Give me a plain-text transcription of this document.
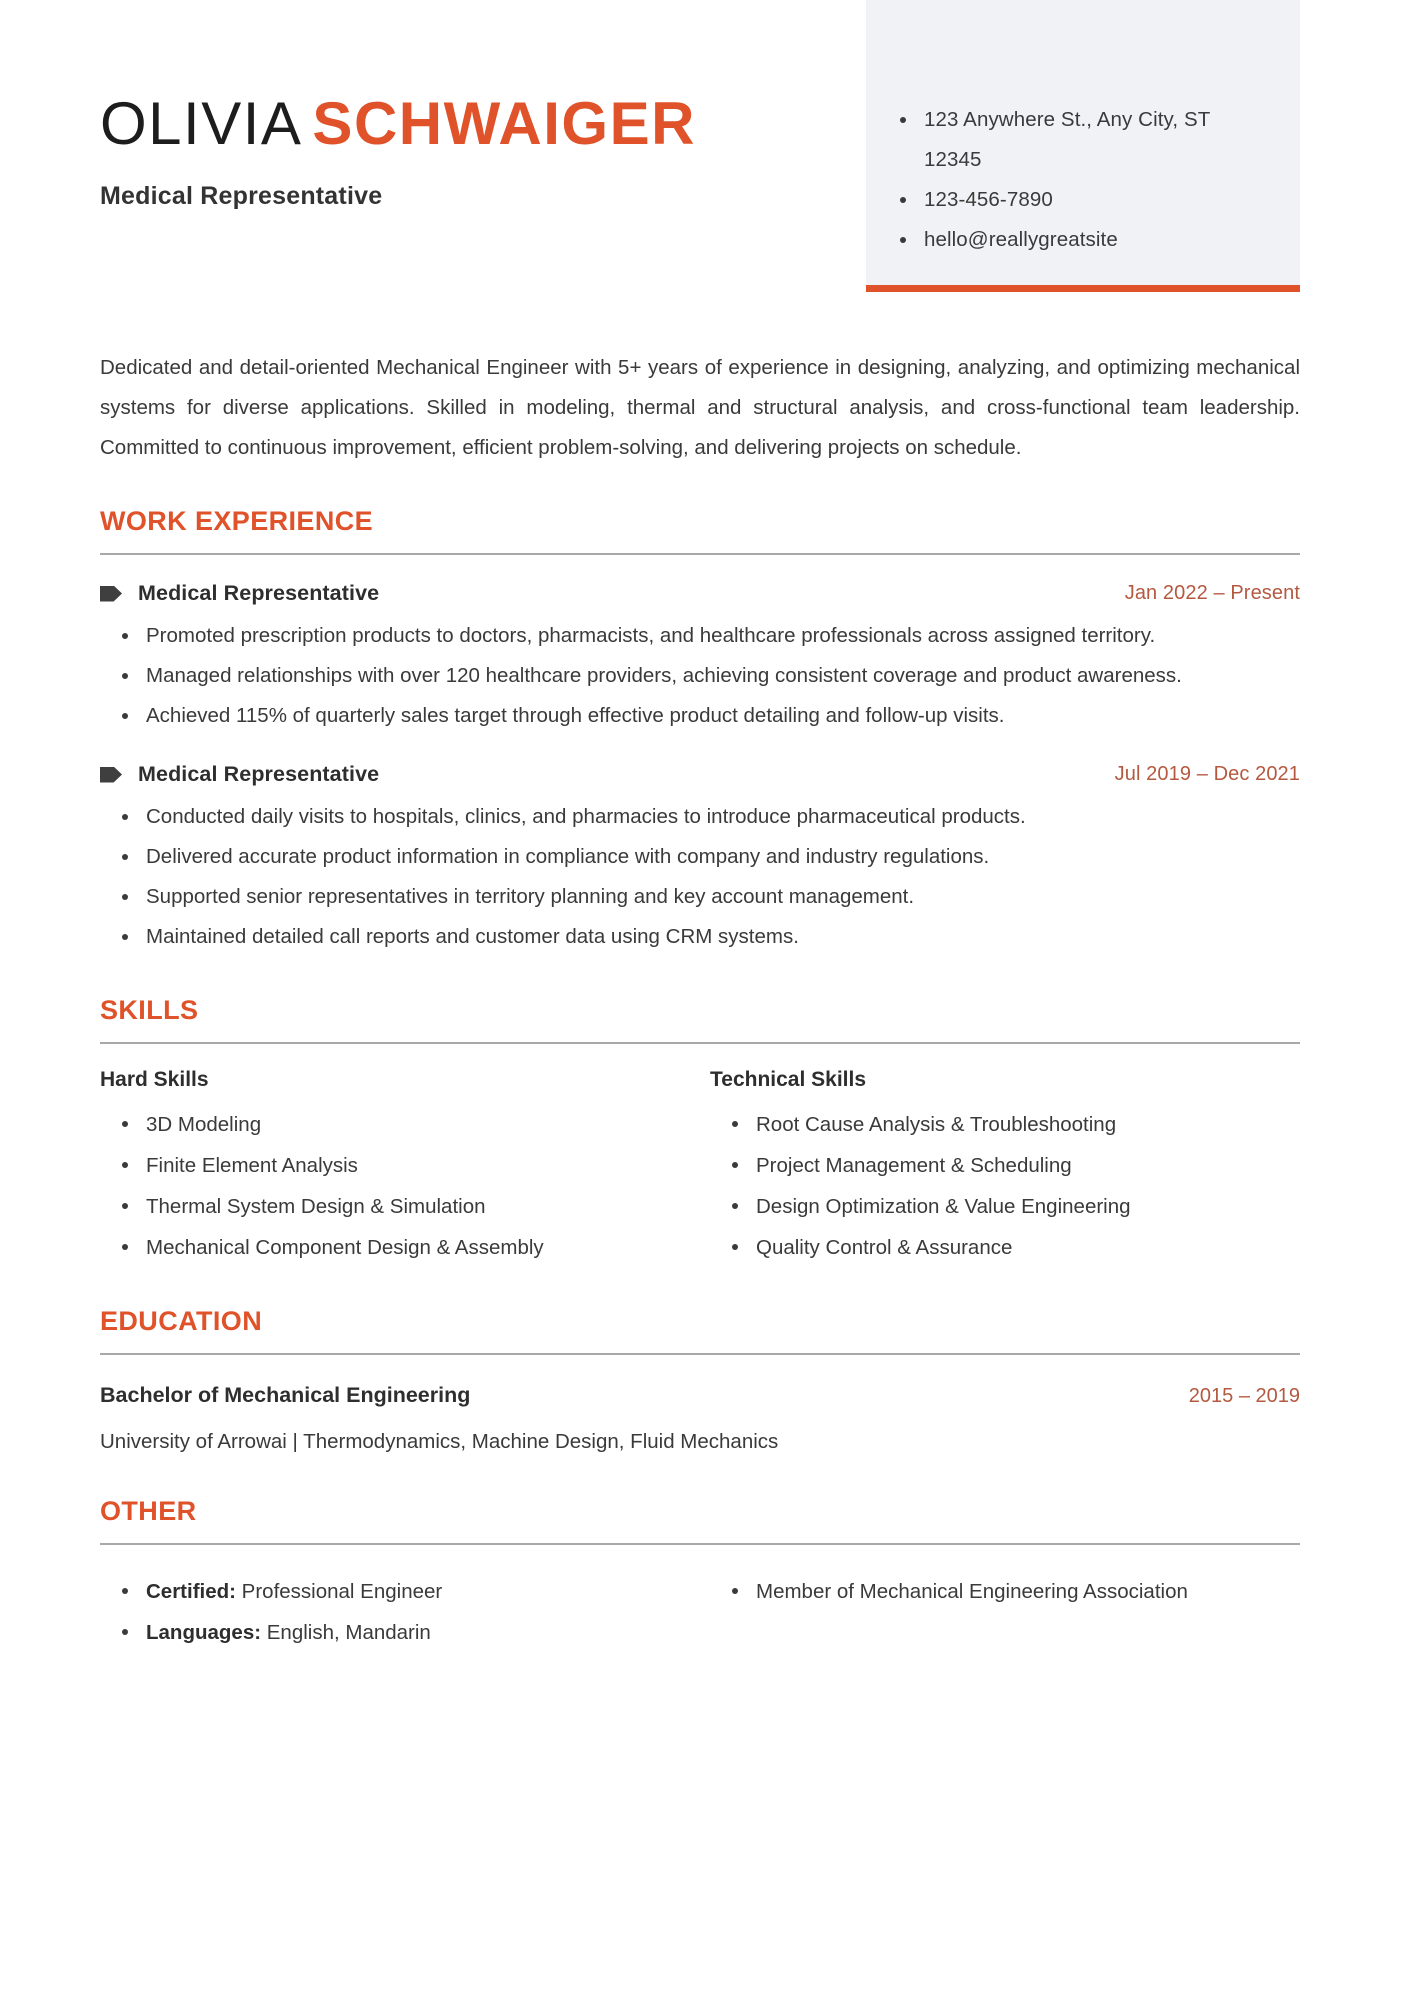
123 Anywhere St., Any City, ST 12345
123-456-7890
hello@reallygreatsite
OLIVIA SCHWAIGER
Medical Representative

Dedicated and detail-oriented Mechanical Engineer with 5+ years of experience in designing, analyzing, and optimizing mechanical systems for diverse applications. Skilled in modeling, thermal and structural analysis, and cross-functional team leadership. Committed to continuous improvement, efficient problem-solving, and delivering projects on schedule.

WORK EXPERIENCE
Medical Representative	Jan 2022 – Present
Promoted prescription products to doctors, pharmacists, and healthcare professionals across assigned territory.
Managed relationships with over 120 healthcare providers, achieving consistent coverage and product awareness.
Achieved 115% of quarterly sales target through effective product detailing and follow-up visits.
Medical Representative	Jul 2019 – Dec 2021
Conducted daily visits to hospitals, clinics, and pharmacies to introduce pharmaceutical products.
Delivered accurate product information in compliance with company and industry regulations.
Supported senior representatives in territory planning and key account management.
Maintained detailed call reports and customer data using CRM systems.
SKILLS
Hard Skills
3D Modeling
Finite Element Analysis
Thermal System Design & Simulation
Mechanical Component Design & Assembly
Technical Skills
Root Cause Analysis & Troubleshooting
Project Management & Scheduling
Design Optimization & Value Engineering
Quality Control & Assurance
EDUCATION
Bachelor of Mechanical Engineering	2015 – 2019
University of Arrowai | Thermodynamics, Machine Design, Fluid Mechanics
OTHER
Certified: Professional Engineer
Languages: English, Mandarin
Member of Mechanical Engineering Association
